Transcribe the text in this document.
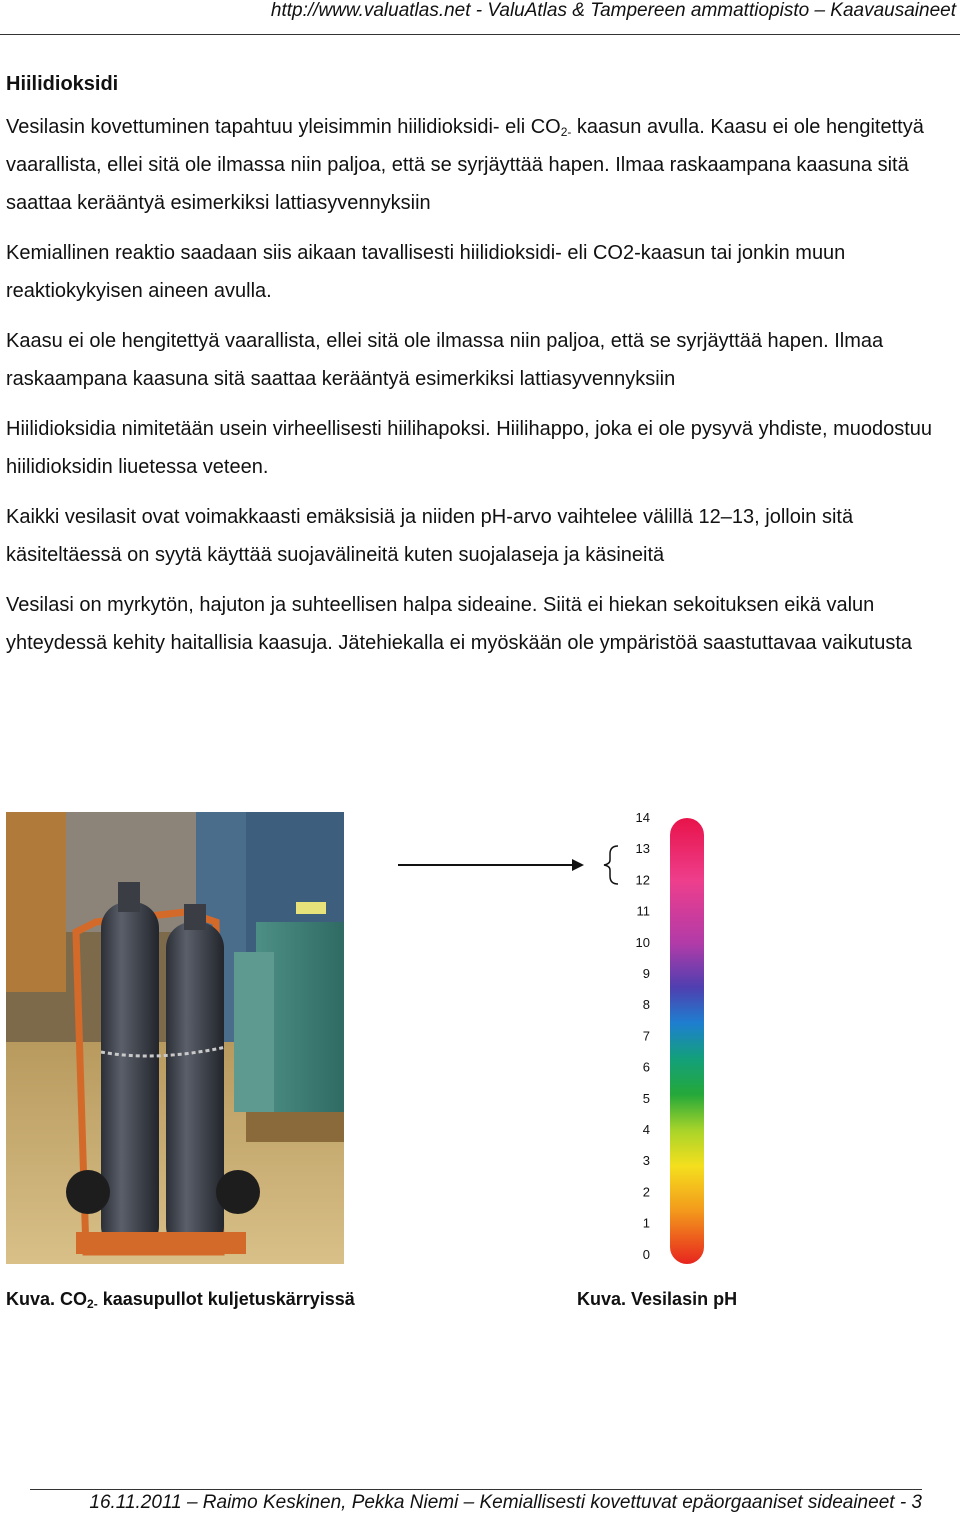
http://www.valuatlas.net - ValuAtlas & Tampereen ammattiopisto – Kaavausaineet
Hiilidioksidi

Vesilasin kovettuminen tapahtuu yleisimmin hiilidioksidi- eli $CO_{2-}$ kaasun avulla. Kaasu ei ole hengitettyä vaarallista, ellei sitä ole ilmassa niin paljoa, että se syrjäyttää hapen. Ilmaa raskaampana kaasuna sitä saattaa kerääntyä esimerkiksi lattiasyvennyksiin

Kemiallinen reaktio saadaan siis aikaan tavallisesti hiilidioksidi- eli CO2-kaasun tai jonkin muun reaktiokykyisen aineen avulla.

Kaasu ei ole hengitettyä vaarallista, ellei sitä ole ilmassa niin paljoa, että se syrjäyttää hapen. Ilmaa raskaampana kaasuna sitä saattaa kerääntyä esimerkiksi lattiasyvennyksiin

Hiilidioksidia nimitetään usein virheellisesti hiilihapoksi. Hiilihappo, joka ei ole pysyvä yhdiste, muodostuu hiilidioksidin liuetessa veteen.

Kaikki vesilasit ovat voimakkaasti emäksisiä ja niiden pH-arvo vaihtelee välillä 12–13, jolloin sitä käsiteltäessä on syytä käyttää suojavälineitä kuten suojalaseja ja käsineitä

Vesilasi on myrkytön, hajuton ja suhteellisen halpa sideaine. Siitä ei hiekan sekoituksen eikä valun yhteydessä kehity haitallisia kaasuja. Jätehiekalla ei myöskään ole ympäristöä saastuttavaa vaikutusta

14
13
12
11
10
9
8
7
6
5
4
3
2
1
0
Kuva. $CO_{2-}$ kaasupullot kuljetuskärryissä	Kuva. Vesilasin pH
16.11.2011 – Raimo Keskinen, Pekka Niemi – Kemiallisesti kovettuvat epäorgaaniset sideaineet - 3
